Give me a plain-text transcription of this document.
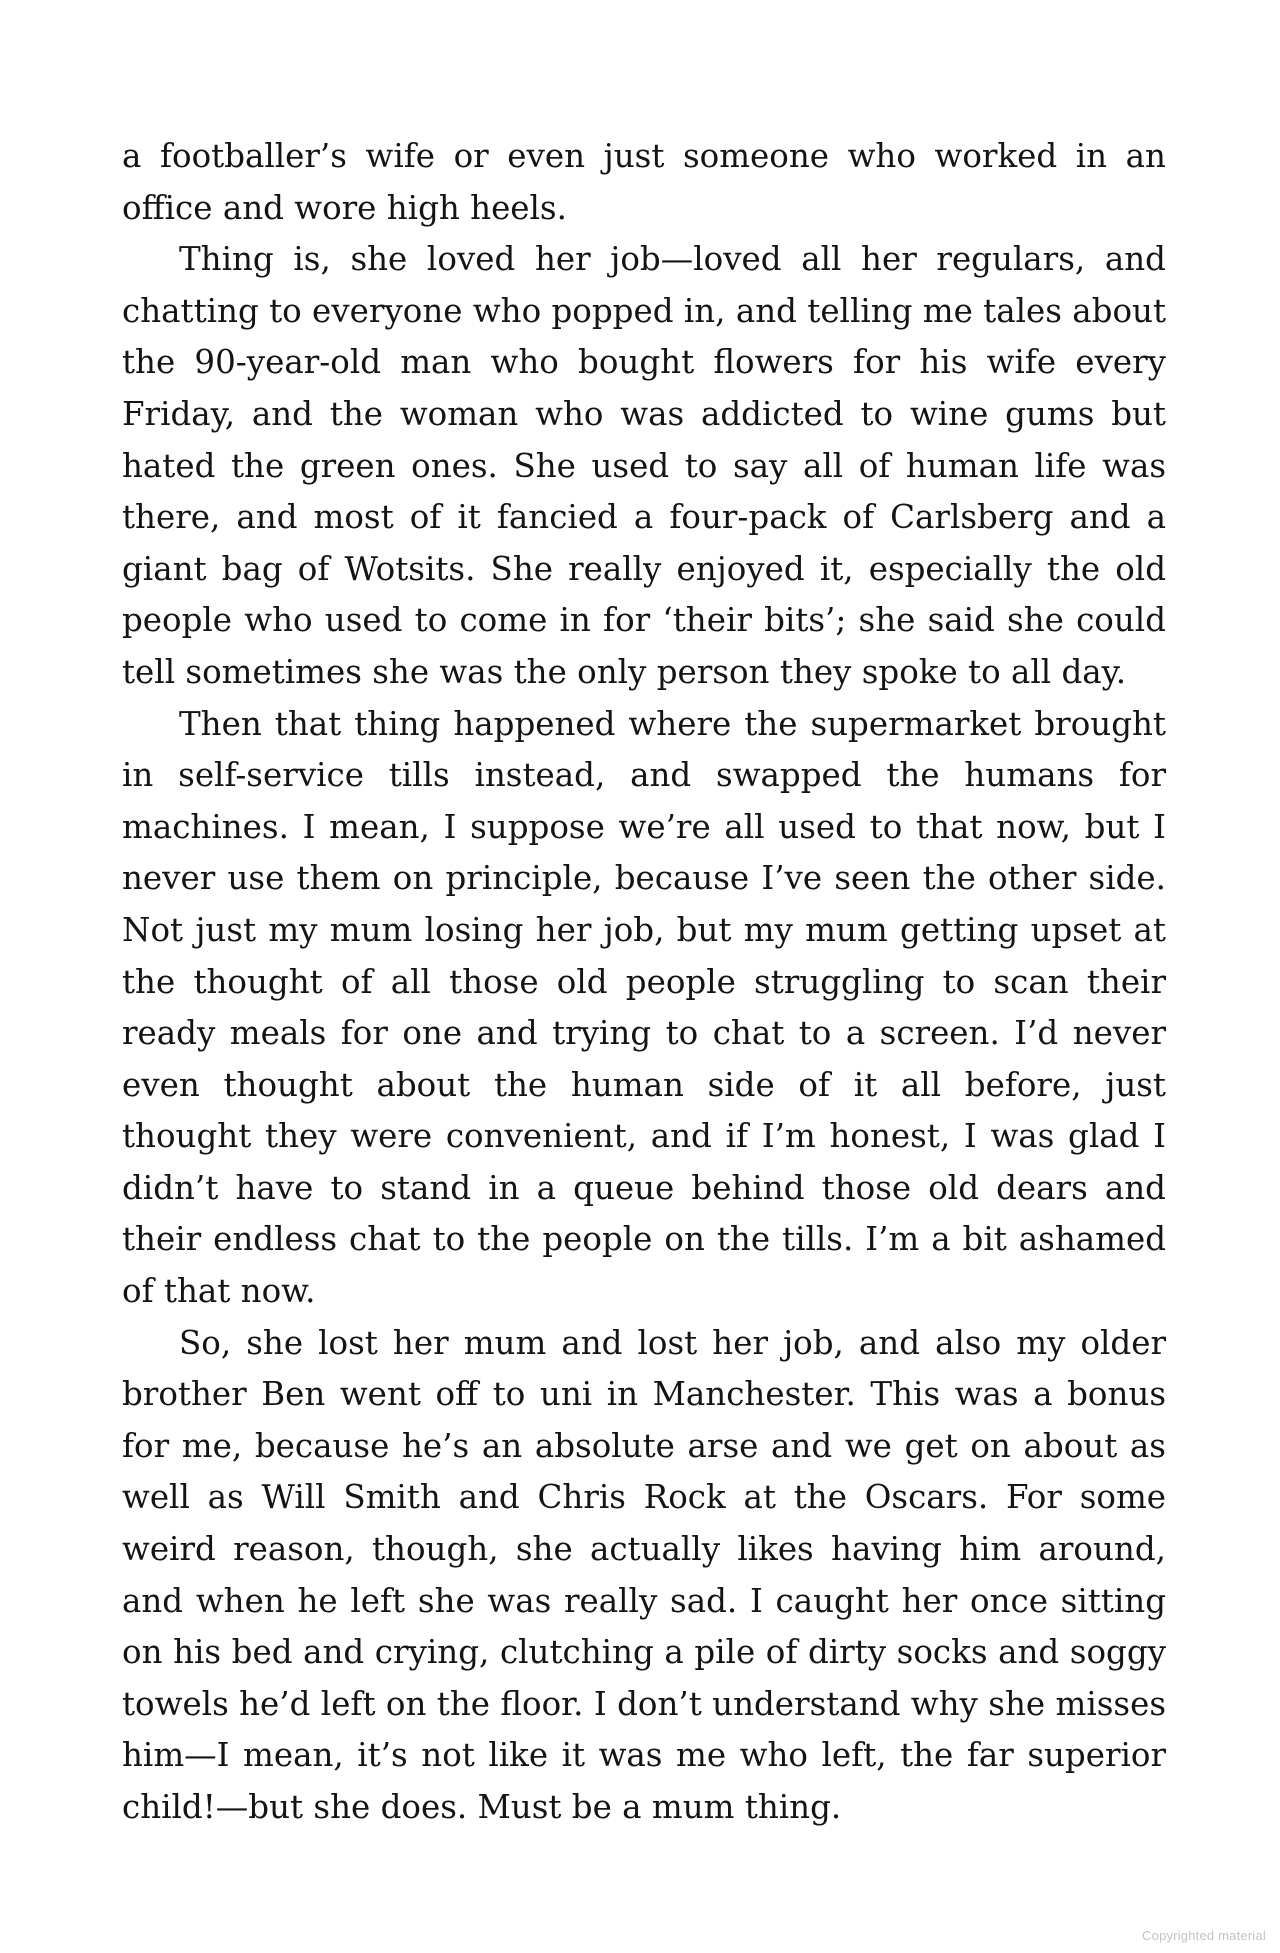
a footballer’s wife or even just someone who worked in an office and wore high heels.

Thing is, she loved her job—loved all her regulars, and chatting to everyone who popped in, and telling me tales about the 90-year-old man who bought flowers for his wife every Friday, and the woman who was addicted to wine gums but hated the green ones. She used to say all of human life was there, and most of it fancied a four-pack of Carlsberg and a giant bag of Wotsits. She really enjoyed it, especially the old people who used to come in for ‘their bits’; she said she could tell sometimes she was the only person they spoke to all day.

Then that thing happened where the supermarket brought in self-service tills instead, and swapped the humans for machines. I mean, I suppose we’re all used to that now, but I never use them on principle, because I’ve seen the other side. Not just my mum losing her job, but my mum getting upset at the thought of all those old people struggling to scan their ready meals for one and trying to chat to a screen. I’d never even thought about the human side of it all before, just thought they were convenient, and if I’m honest, I was glad I didn’t have to stand in a queue behind those old dears and their endless chat to the people on the tills. I’m a bit ashamed of that now.

So, she lost her mum and lost her job, and also my older brother Ben went off to uni in Manchester. This was a bonus for me, because he’s an absolute arse and we get on about as well as Will Smith and Chris Rock at the Oscars. For some weird reason, though, she actually likes having him around, and when he left she was really sad. I caught her once sitting on his bed and crying, clutching a pile of dirty socks and soggy towels he’d left on the floor. I don’t understand why she misses him—I mean, it’s not like it was me who left, the far superior child!—but she does. Must be a mum thing.

Copyrighted material
